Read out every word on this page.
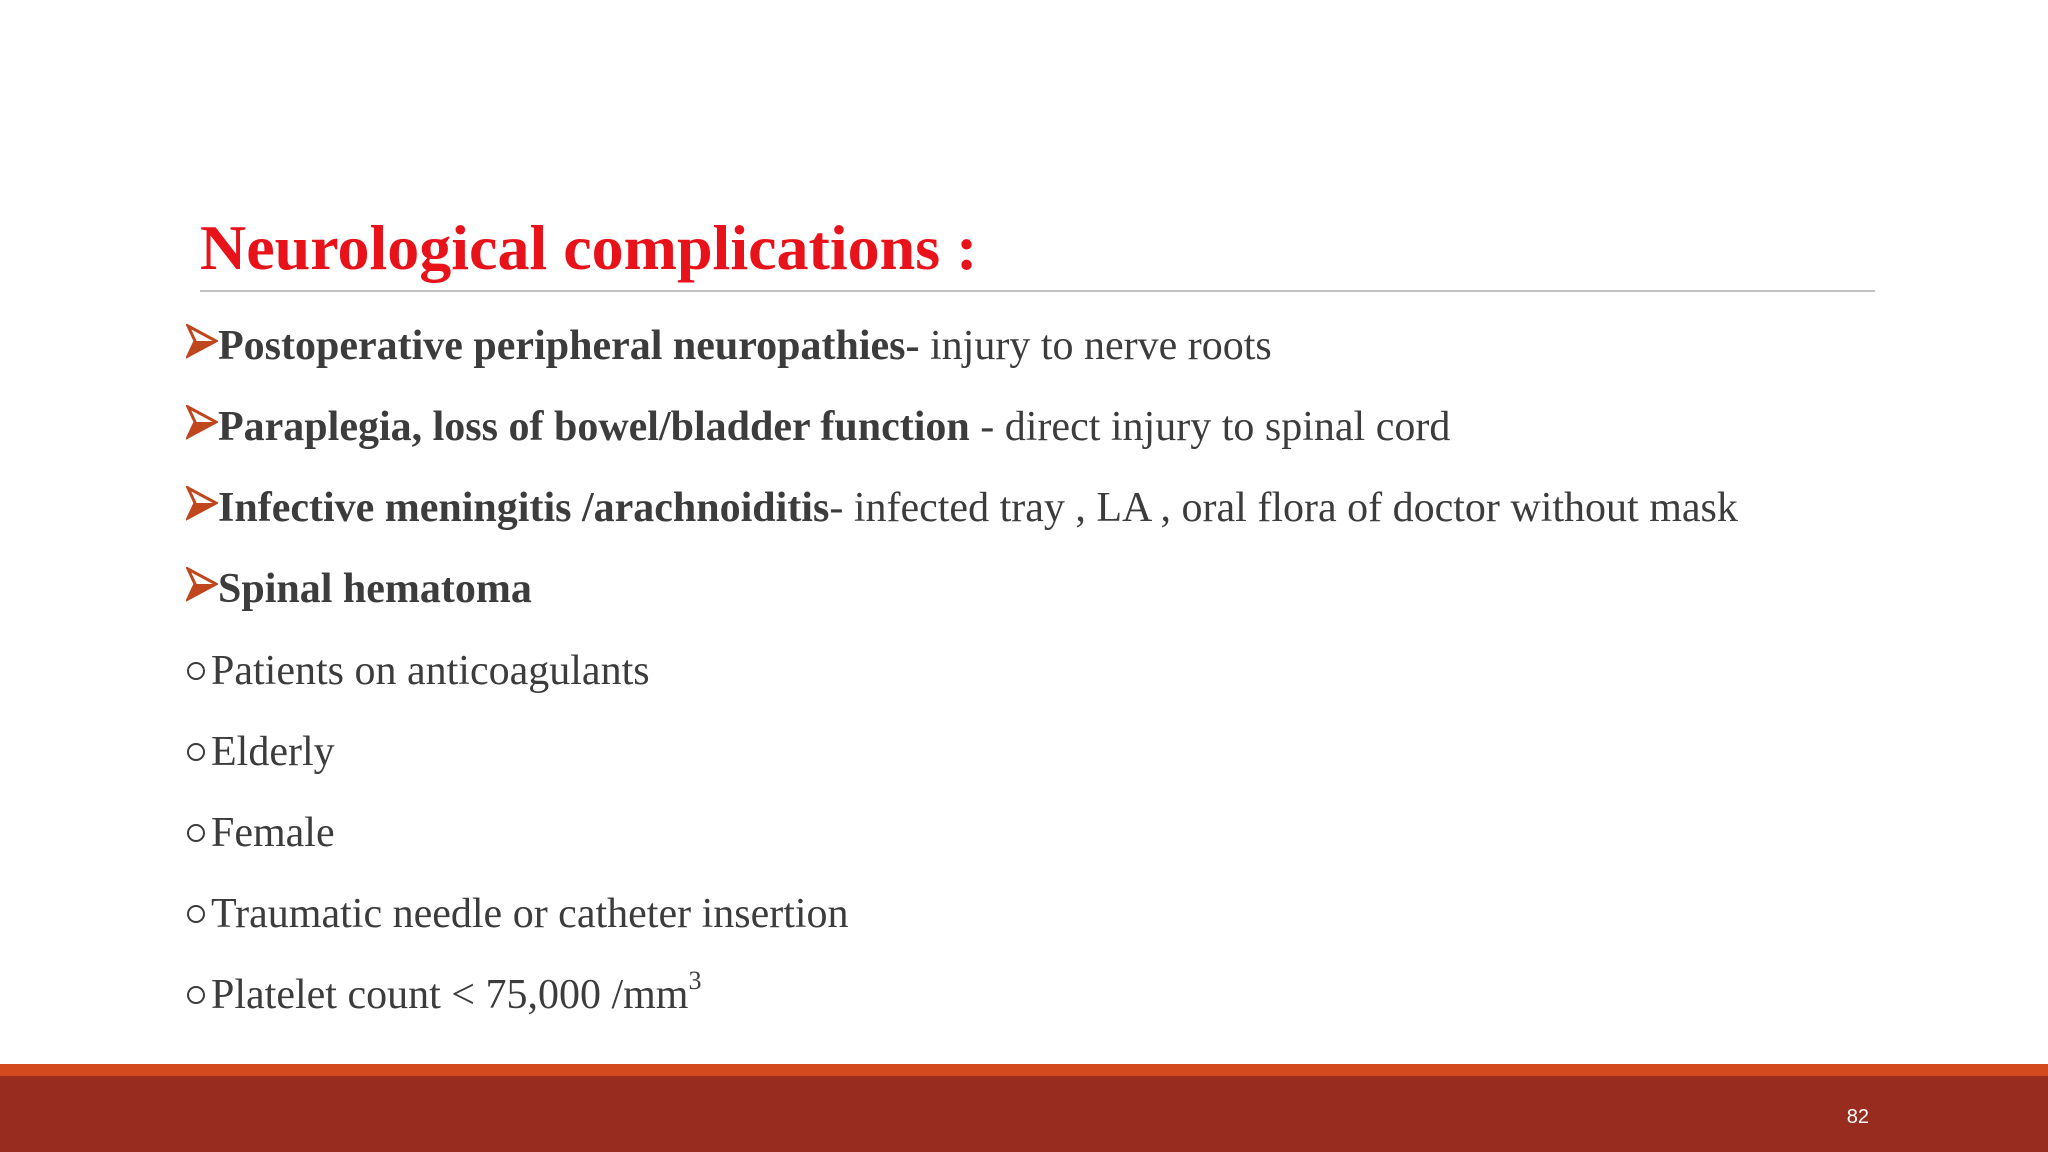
Neurological complications :
Postoperative peripheral neuropathies- injury to nerve roots
Paraplegia, loss of bowel/bladder function - direct injury to spinal cord
Infective meningitis /arachnoiditis- infected tray , LA , oral flora of doctor without mask
Spinal hematoma
Patients on anticoagulants
Elderly
Female
Traumatic needle or catheter insertion
Platelet count < 75,000 $/mm^3$
82
